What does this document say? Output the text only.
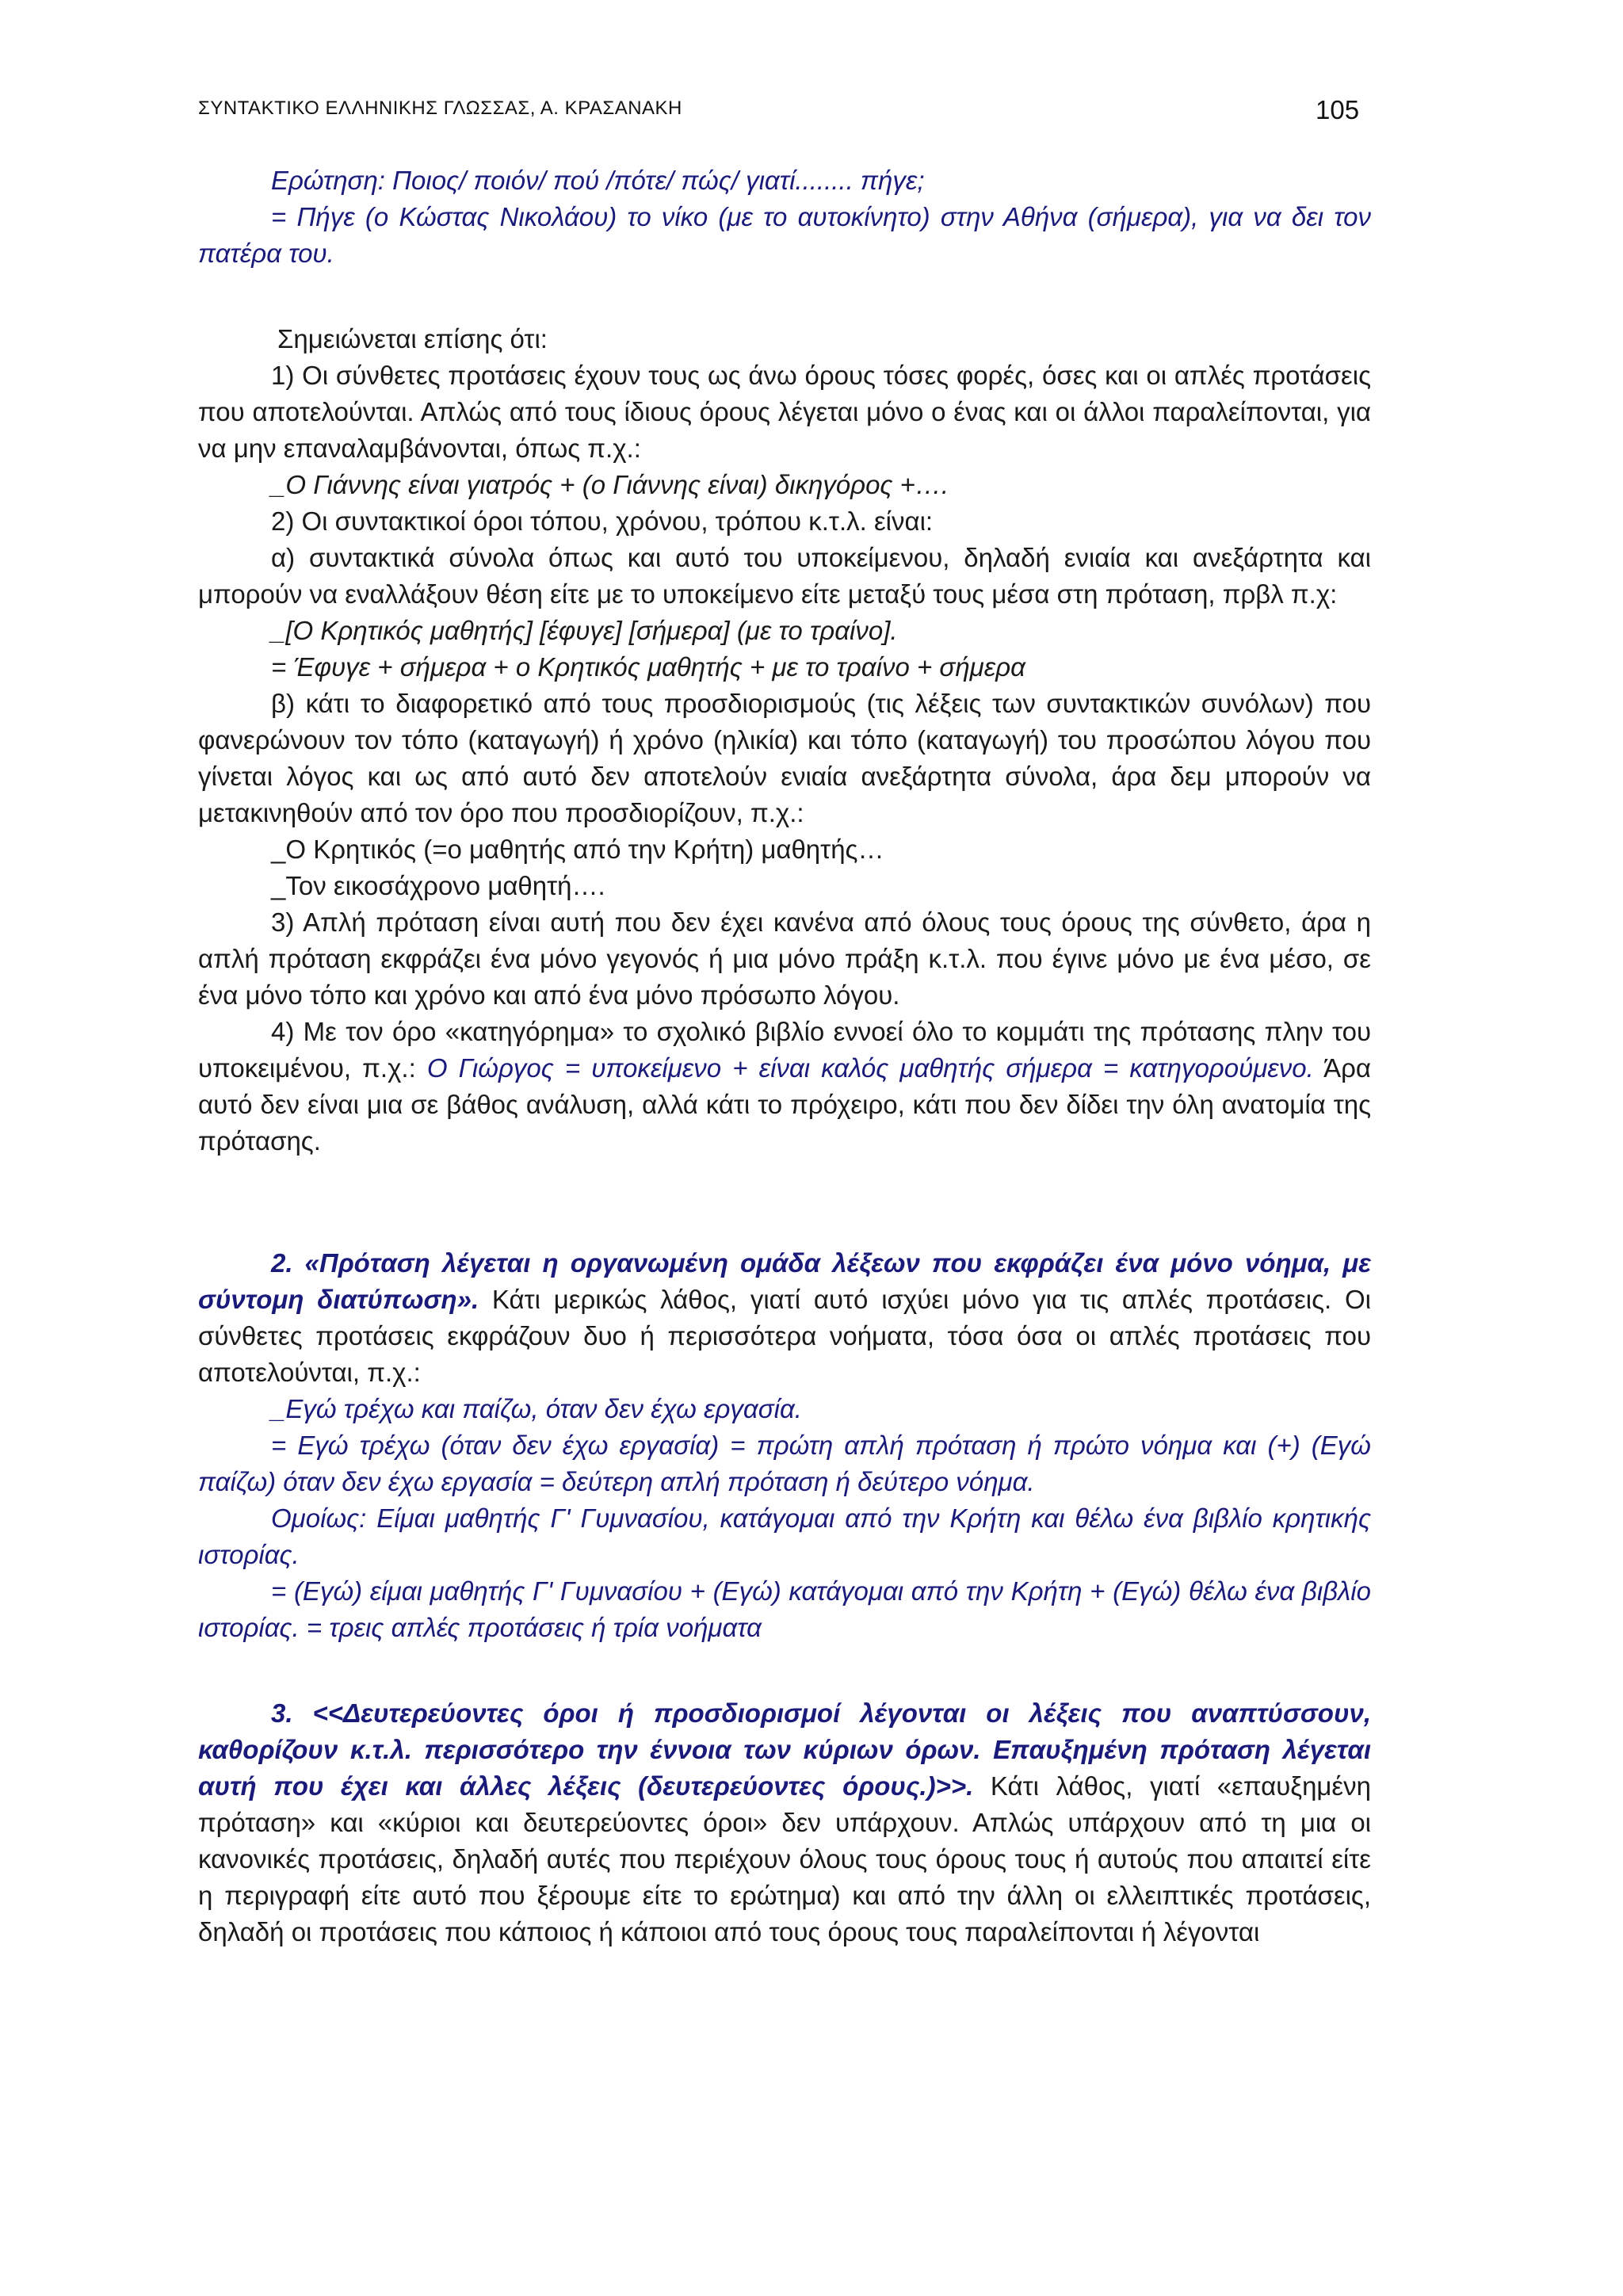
ΣΥΝΤΑΚΤΙΚΟ ΕΛΛΗΝΙΚΗΣ ΓΛΩΣΣΑΣ, Α. ΚΡΑΣΑΝΑΚΗ	105

Ερώτηση: Ποιος/ ποιόν/ πού /πότε/ πώς/ γιατί........ πήγε;

= Πήγε (ο Κώστας Νικολάου) το νίκο (με το αυτοκίνητο) στην Αθήνα (σήμερα), για να δει τον πατέρα του.

Σημειώνεται επίσης ότι:

1) Οι σύνθετες προτάσεις έχουν τους ως άνω όρους τόσες φορές, όσες και οι απλές προτάσεις που αποτελούνται. Απλώς από τους ίδιους όρους λέγεται μόνο ο ένας και οι άλλοι παραλείπονται, για να μην επαναλαμβάνονται, όπως π.χ.:

_Ο Γιάννης είναι γιατρός + (ο Γιάννης είναι) δικηγόρος +….

2) Οι συντακτικοί όροι τόπου, χρόνου, τρόπου κ.τ.λ. είναι:

α) συντακτικά σύνολα όπως και αυτό του υποκείμενου, δηλαδή ενιαία και ανεξάρτητα και μπορούν να εναλλάξουν θέση είτε με το υποκείμενο είτε μεταξύ τους μέσα στη πρόταση, πρβλ π.χ:

_[Ο Κρητικός μαθητής] [έφυγε] [σήμερα] (με το τραίνο].

= Έφυγε + σήμερα + ο Κρητικός μαθητής + με το τραίνο + σήμερα

β) κάτι το διαφορετικό από τους προσδιορισμούς (τις λέξεις των συντακτικών συνόλων) που φανερώνουν τον τόπο (καταγωγή) ή χρόνο (ηλικία) και τόπο (καταγωγή) του προσώπου λόγου που γίνεται λόγος και ως από αυτό δεν αποτελούν ενιαία ανεξάρτητα σύνολα, άρα δεμ μπορούν να μετακινηθούν από τον όρο που προσδιορίζουν, π.χ.:

_Ο Κρητικός (=ο μαθητής από την Κρήτη) μαθητής…

_Τον εικοσάχρονο μαθητή….

3) Απλή πρόταση είναι αυτή που δεν έχει κανένα από όλους τους όρους της σύνθετο, άρα η απλή πρόταση εκφράζει ένα μόνο γεγονός ή μια μόνο πράξη κ.τ.λ. που έγινε μόνο με ένα μέσο, σε ένα μόνο τόπο και χρόνο και από ένα μόνο πρόσωπο λόγου.

4) Με τον όρο «κατηγόρημα» το σχολικό βιβλίο εννοεί όλο το κομμάτι της πρότασης πλην του υποκειμένου, π.χ.: Ο Γιώργος = υποκείμενο + είναι καλός μαθητής σήμερα = κατηγορούμενο. Άρα αυτό δεν είναι μια σε βάθος ανάλυση, αλλά κάτι το πρόχειρο, κάτι που δεν δίδει την όλη ανατομία της πρότασης.

2. «Πρόταση λέγεται η οργανωμένη ομάδα λέξεων που εκφράζει ένα μόνο νόημα, με σύντομη διατύπωση». Κάτι μερικώς λάθος, γιατί αυτό ισχύει μόνο για τις απλές προτάσεις. Οι σύνθετες προτάσεις εκφράζουν δυο ή περισσότερα νοήματα, τόσα όσα οι απλές προτάσεις που αποτελούνται, π.χ.:

_Εγώ τρέχω και παίζω, όταν δεν έχω εργασία.

= Εγώ τρέχω (όταν δεν έχω εργασία) = πρώτη απλή πρόταση ή πρώτο νόημα και (+) (Εγώ παίζω) όταν δεν έχω εργασία = δεύτερη απλή πρόταση ή δεύτερο νόημα.

Ομοίως: Είμαι μαθητής Γ' Γυμνασίου, κατάγομαι από την Κρήτη και θέλω ένα βιβλίο κρητικής ιστορίας.

= (Εγώ) είμαι μαθητής Γ' Γυμνασίου + (Εγώ) κατάγομαι από την Κρήτη + (Εγώ) θέλω ένα βιβλίο ιστορίας. = τρεις απλές προτάσεις ή τρία νοήματα

3. <<Δευτερεύοντες όροι ή προσδιορισμοί λέγονται οι λέξεις που αναπτύσσουν, καθορίζουν κ.τ.λ. περισσότερο την έννοια των κύριων όρων. Επαυξημένη πρόταση λέγεται αυτή που έχει και άλλες λέξεις (δευτερεύοντες όρους.)>>. Κάτι λάθος, γιατί «επαυξημένη πρόταση» και «κύριοι και δευτερεύοντες όροι» δεν υπάρχουν. Απλώς υπάρχουν από τη μια οι κανονικές προτάσεις, δηλαδή αυτές που περιέχουν όλους τους όρους τους ή αυτούς που απαιτεί είτε η περιγραφή είτε αυτό που ξέρουμε είτε το ερώτημα) και από την άλλη οι ελλειπτικές προτάσεις, δηλαδή οι προτάσεις που κάποιος ή κάποιοι από τους όρους τους παραλείπονται ή λέγονται
